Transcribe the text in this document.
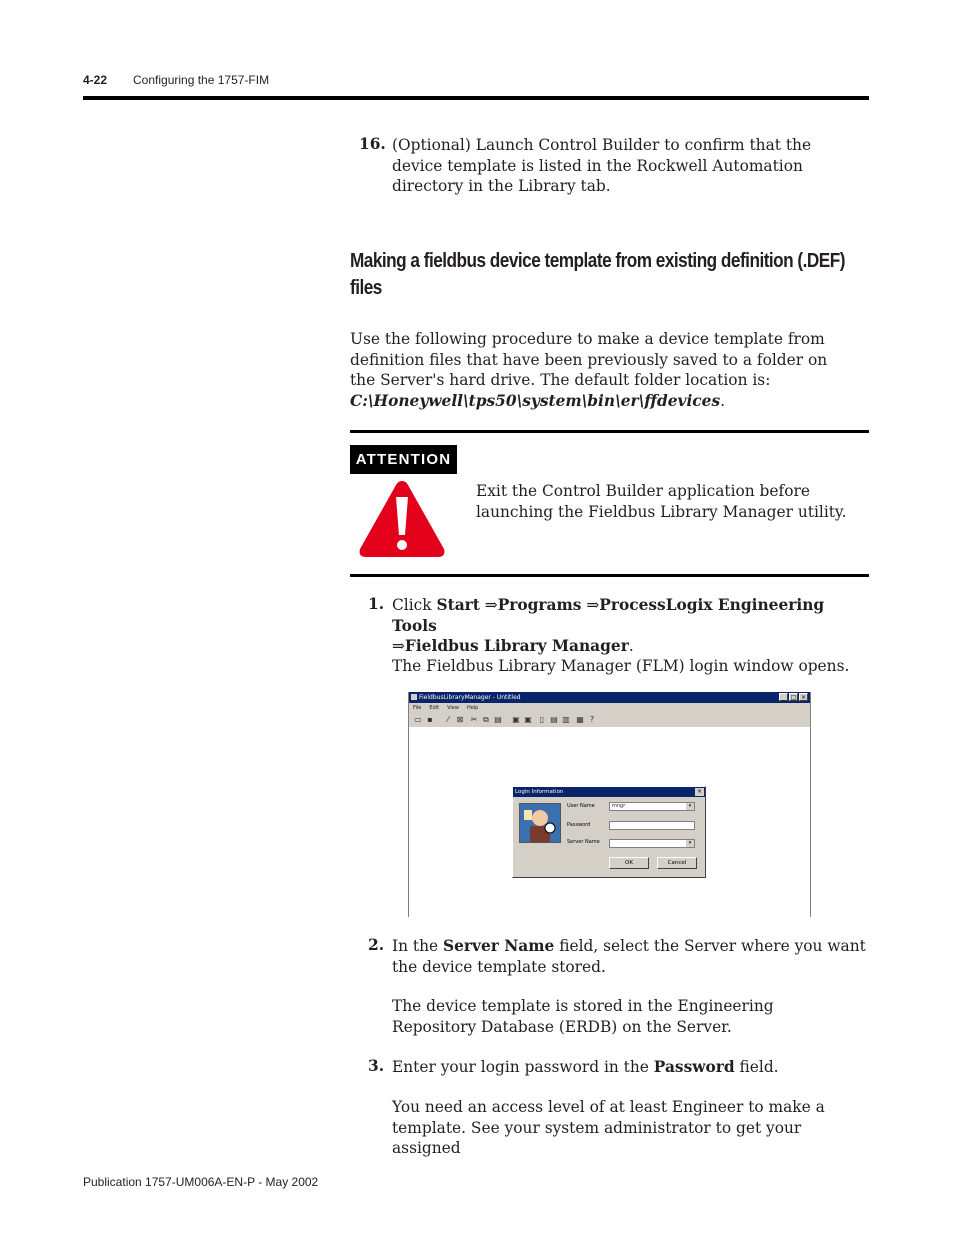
4-22 Configuring the 1757-FIM
16. (Optional) Launch Control Builder to confirm that the device template is listed in the Rockwell Automation directory in the Library tab.
Making a fieldbus device template from existing definition (.DEF) files
Use the following procedure to make a device template from definition files that have been previously saved to a folder on the Server's hard drive. The default folder location is:
C:\Honeywell\tps50\system\bin\er\ffdevices.
ATTENTION
Exit the Control Builder application before launching the Fieldbus Library Manager utility.
1. Click Start ⇒Programs ⇒ProcessLogix Engineering Tools
⇒Fieldbus Library Manager.
The Fieldbus Library Manager (FLM) login window opens.
FieldbusLibraryManager - Untitled	_ □ ×
File Edit View Help
▭ ▪	⁄ ⊠ ✂ ⧉ ▤ ▣ ▣	▯ ▤ ▥ ▦ ?
Login Information	×
User Name	mngr	▾
Password
Server Name	▾
OK	Cancel
2. In the Server Name field, select the Server where you want the device template stored.
The device template is stored in the Engineering Repository Database (ERDB) on the Server.
3. Enter your login password in the Password field.
You need an access level of at least Engineer to make a template. See your system administrator to get your assigned
Publication 1757-UM006A-EN-P - May 2002
